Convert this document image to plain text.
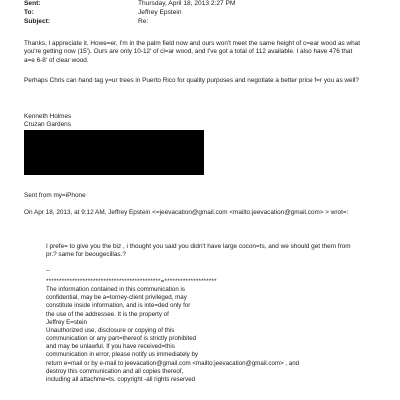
Sent:	Thursday, April 18, 2013 2:27 PM
To:	Jeffrey Epstein
Subject:	Re:
Thanks, I appreciate it. Howe=er, I'm in the palm field now and ours won't meet the same height of c=ear wood as what
you're getting now (15'). Ours are only 10-12' of cl=ar wood, and I've got a total of 112 available. I also have 476 that
a=e 6-8' of clear wood.
Perhaps Chris can hand tag y=ur trees in Puerto Rico for quality purposes and negotiate a better price f=r you as well?
Kenneth Holmes
Cruzan Gardens
Sent from my=iPhone
On Apr 18, 2013, at 9:12 AM, Jeffrey Epstein <=jeevacation@gmail.com <mailto:jeevacation@gmail.com> > wrot=:
I prefe= to give you the biz , i thought you said you didn't have large cocon=ts, and we should get them from
pr.? same for beougecillas.?
--
********************************************=********************
The information contained in this communication is
confidential, may be a=torney-client privileged, may
constitute inside information, and is inte=ded only for
the use of the addressee. It is the property of
Jeffrey E=stein
Unauthorized use, disclosure or copying of this
communication or any part=thereof is strictly prohibited
and may be unlawful. If you have received=this
communication in error, please notify us immediately by
return e=mail or by e-mail to jeevacation@gmail.com <mailto:jeevacation@gmail.com> , and
destroy this communication and all copies thereof,
including all attachme=ts. copyright -all rights reserved
